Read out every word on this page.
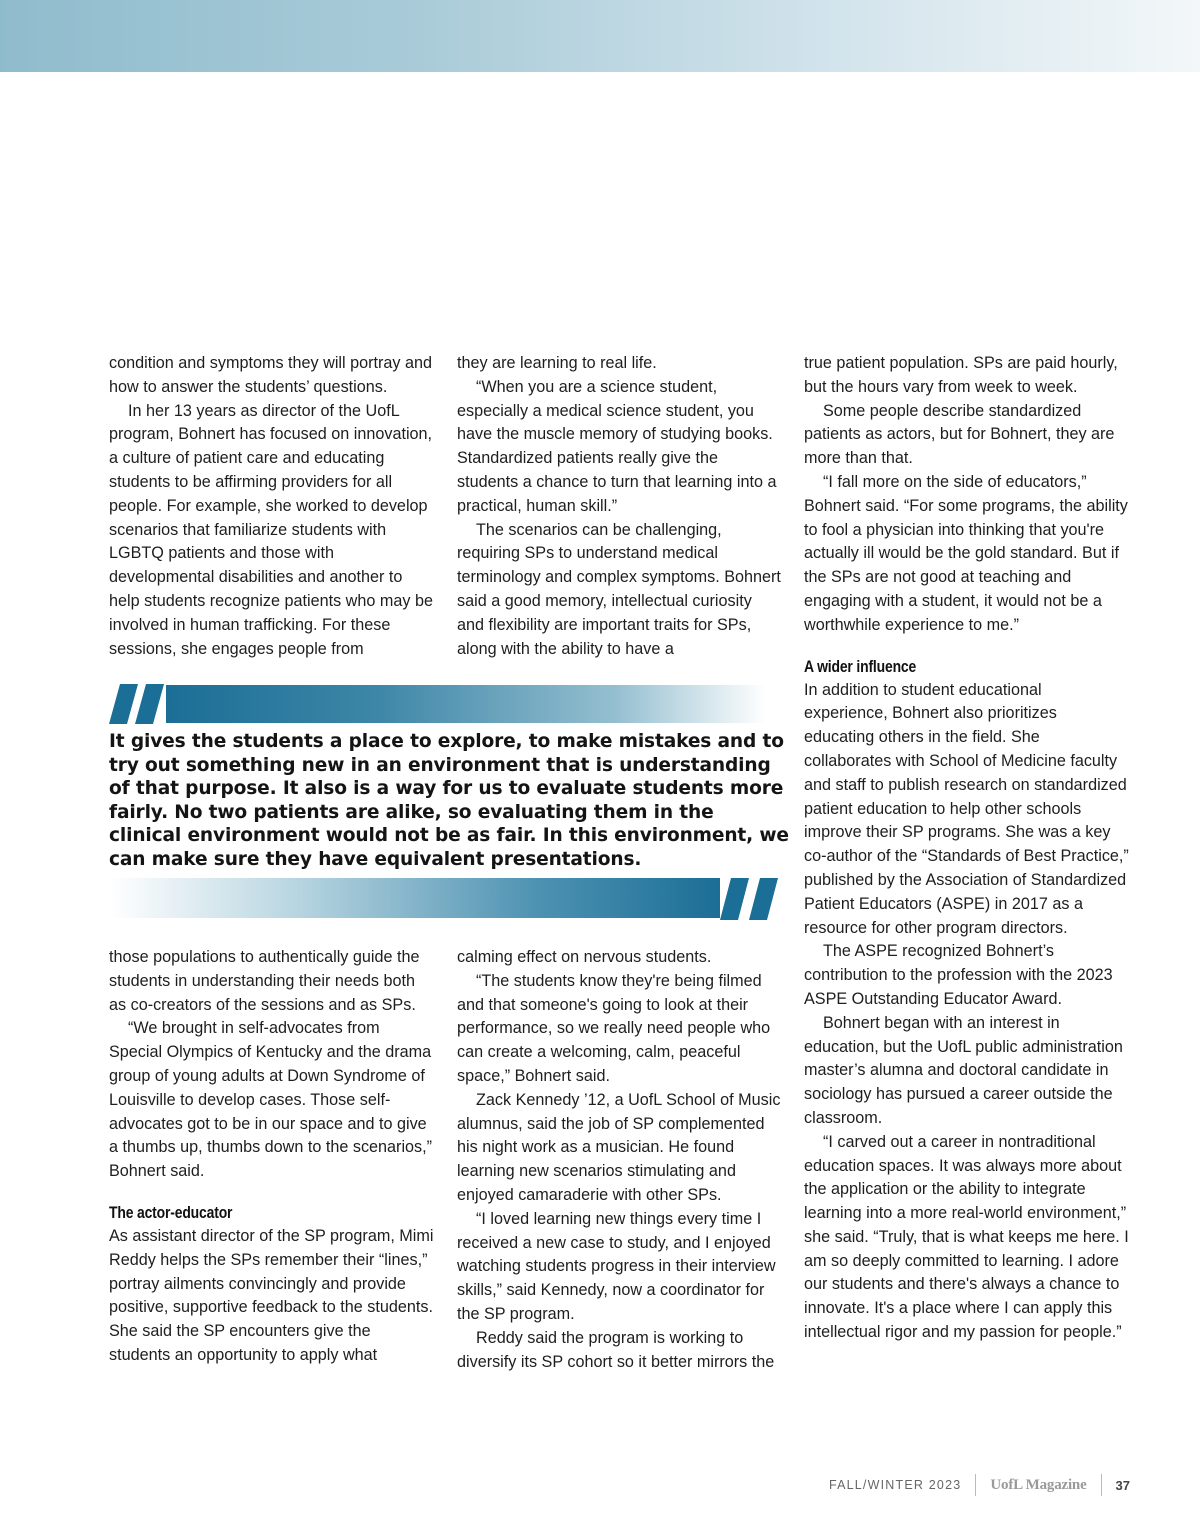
condition and symptoms they will portray and how to answer the students’ questions.

In her 13 years as director of the UofL program, Bohnert has focused on innovation, a culture of patient care and educating students to be affirming providers for all people. For example, she worked to develop scenarios that familiarize students with LGBTQ patients and those with developmental disabilities and another to help students recognize patients who may be involved in human trafficking. For these sessions, she engages people from

they are learning to real life.

“When you are a science student, especially a medical science student, you have the muscle memory of studying books. Standardized patients really give the students a chance to turn that learning into a practical, human skill.”

The scenarios can be challenging, requiring SPs to understand medical terminology and complex symptoms. Bohnert said a good memory, intellectual curiosity and flexibility are important traits for SPs, along with the ability to have a

true patient population. SPs are paid hourly, but the hours vary from week to week.

Some people describe standardized patients as actors, but for Bohnert, they are more than that.

“I fall more on the side of educators,” Bohnert said. “For some programs, the ability to fool a physician into thinking that you're actually ill would be the gold standard. But if the SPs are not good at teaching and engaging with a student, it would not be a worthwhile experience to me.”

A wider influence

In addition to student educational experience, Bohnert also prioritizes educating others in the field. She collaborates with School of Medicine faculty and staff to publish research on standardized patient education to help other schools improve their SP programs. She was a key co-author of the “Standards of Best Practice,” published by the Association of Standardized Patient Educators (ASPE) in 2017 as a resource for other program directors.

The ASPE recognized Bohnert’s contribution to the profession with the 2023 ASPE Outstanding Educator Award.

Bohnert began with an interest in education, but the UofL public administration master’s alumna and doctoral candidate in sociology has pursued a career outside the classroom.

“I carved out a career in nontraditional education spaces. It was always more about the application or the ability to integrate learning into a more real-world environment,” she said. “Truly, that is what keeps me here. I am so deeply committed to learning. I adore our students and there's always a chance to innovate. It's a place where I can apply this intellectual rigor and my passion for people.”

It gives the students a place to explore, to make mistakes and to try out something new in an environment that is understanding of that purpose. It also is a way for us to evaluate students more fairly. No two patients are alike, so evaluating them in the clinical environment would not be as fair. In this environment, we can make sure they have equivalent presentations.

those populations to authentically guide the students in understanding their needs both as co-creators of the sessions and as SPs.

“We brought in self-advocates from Special Olympics of Kentucky and the drama group of young adults at Down Syndrome of Louisville to develop cases. Those self-advocates got to be in our space and to give a thumbs up, thumbs down to the scenarios,” Bohnert said.

The actor-educator

As assistant director of the SP program, Mimi Reddy helps the SPs remember their “lines,” portray ailments convincingly and provide positive, supportive feedback to the students. She said the SP encounters give the students an opportunity to apply what

calming effect on nervous students.

“The students know they're being filmed and that someone's going to look at their performance, so we really need people who can create a welcoming, calm, peaceful space,” Bohnert said.

Zack Kennedy ’12, a UofL School of Music alumnus, said the job of SP complemented his night work as a musician. He found learning new scenarios stimulating and enjoyed camaraderie with other SPs.

“I loved learning new things every time I received a new case to study, and I enjoyed watching students progress in their interview skills,” said Kennedy, now a coordinator for the SP program.

Reddy said the program is working to diversify its SP cohort so it better mirrors the

FALL/WINTER 2023 UofL Magazine 37
